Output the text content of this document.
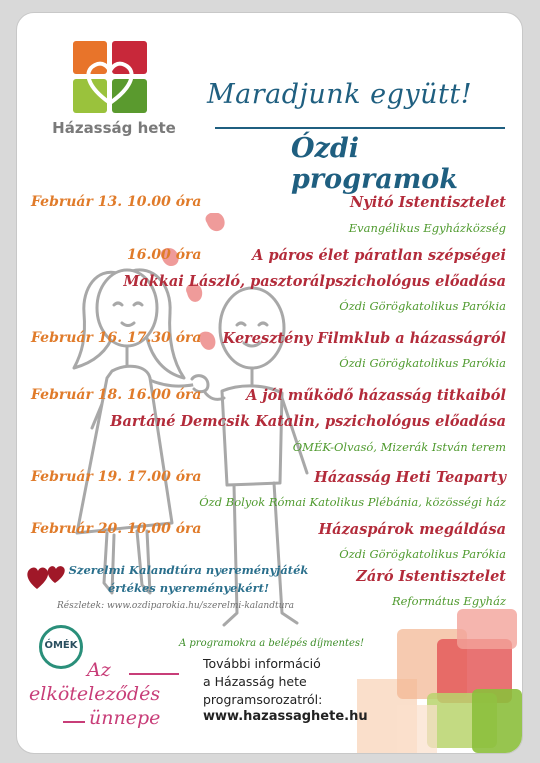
Házasság hete
Maradjunk együtt!
Ózdi programok
Február 13. 10.00 óra	Nyitó Istentisztelet
Evangélikus Egyházközség
16.00 óra	A páros élet páratlan szépségei
Makkai László, pasztorálpszichológus előadása
Ózdi Görögkatolikus Parókia
Február 16. 17.30 óra Keresztény Filmklub a házasságról
Ózdi Görögkatolikus Parókia
Február 18. 16.00 óra	A jól működő házasság titkaiból
Bartáné Demcsik Katalin, pszichológus előadása
ÓMÉK-Olvasó, Mizerák István terem
Február 19. 17.00 óra	Házasság Heti Teaparty
Ózd Bolyok Római Katolikus Plébánia, közösségi ház
Február 20. 10.00 óra	Házaspárok megáldása
Ózdi Görögkatolikus Parókia
Záró Istentisztelet
Református Egyház
Szerelmi Kalandtúra nyereményjáték
értékes nyereményekért!
Részletek: www.ozdiparokia.hu/szerelmi-kalandtura
A programokra a belépés díjmentes!
ÓMÉK
Az
elköteleződés
ünnepe
További információ
a Házasság hete
programsorozatról:
www.hazassaghete.hu
